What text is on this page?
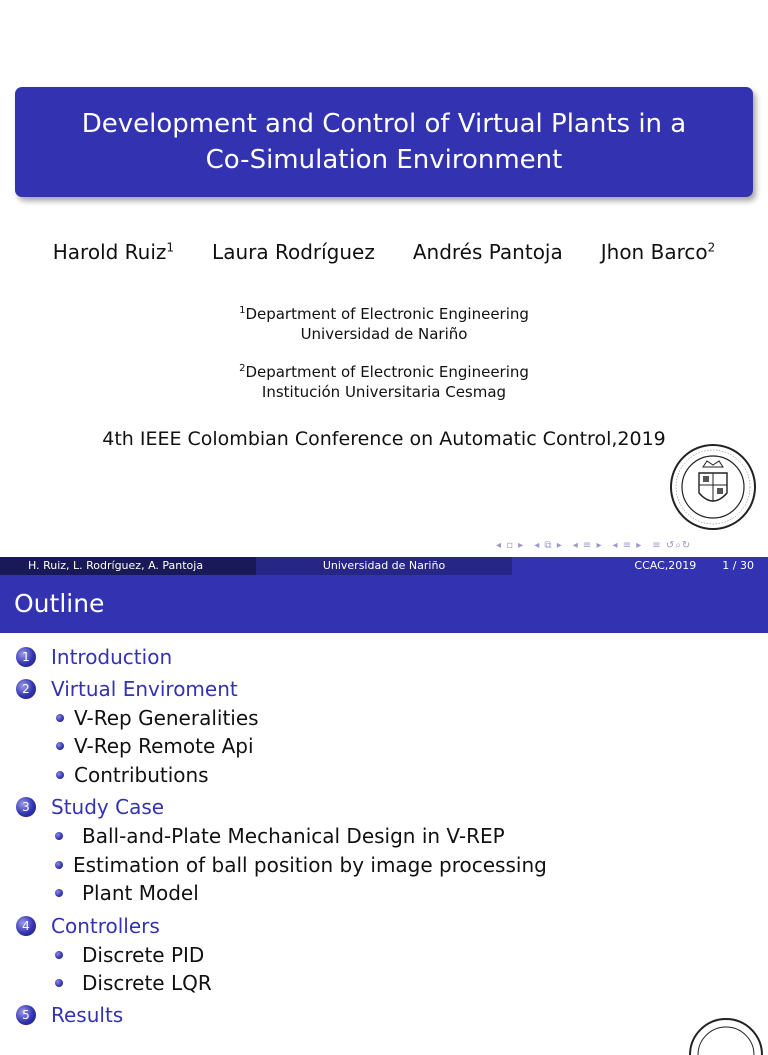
Development and Control of Virtual Plants in a
Co-Simulation Environment
Harold Ruiz$^1$ Laura Rodríguez Andrés Pantoja Jhon Barco$^2$
$^1$Department of Electronic Engineering
Universidad de Nariño
$^2$Department of Electronic Engineering
Institución Universitaria Cesmag
4th IEEE Colombian Conference on Automatic Control,2019
◂ ▫ ▸ ◂ ⧉ ▸ ◂ ≡ ▸ ◂ ≡ ▸ ≡ ↺⌕↻
H. Ruiz, L. Rodríguez, A. Pantoja	Universidad de Nariño	CCAC,2019 1 / 30
Outline
1	Introduction
2	Virtual Enviroment
V-Rep Generalities
V-Rep Remote Api
Contributions
3	Study Case
Ball-and-Plate Mechanical Design in V-REP
Estimation of ball position by image processing
Plant Model
4	Controllers
Discrete PID
Discrete LQR
5	Results
